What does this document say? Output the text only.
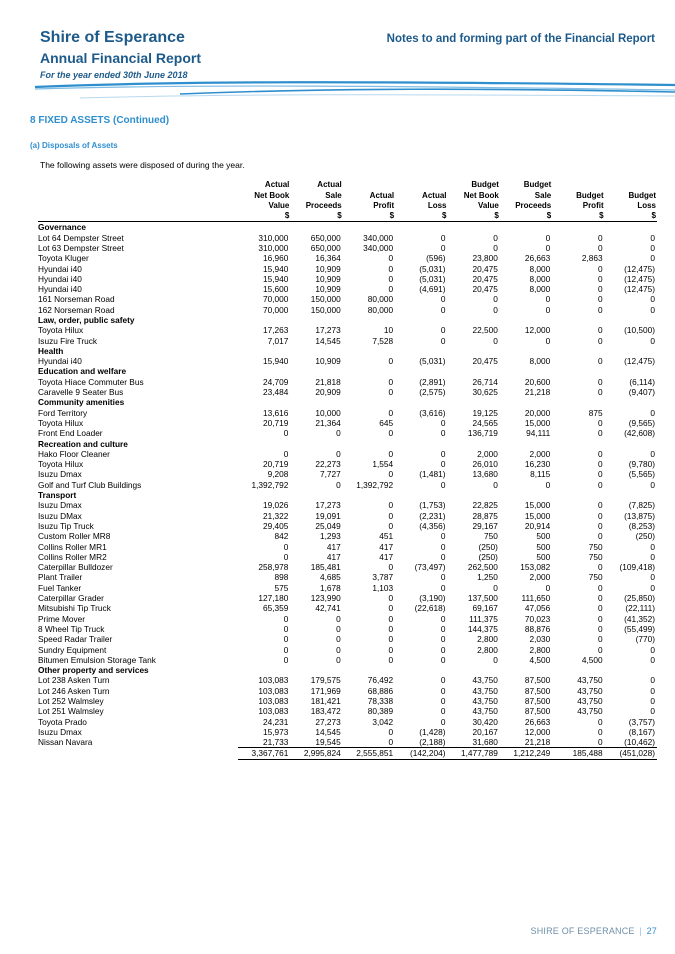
Shire of Esperance
Annual Financial Report
For the year ended 30th June 2018
Notes to and forming part of the Financial Report
8 FIXED ASSETS (Continued)
(a) Disposals of Assets
The following assets were disposed of during the year.
	Actual	Actual			Budget	Budget		
	Net Book	Sale	Actual	Actual	Net Book	Sale	Budget	Budget
	Value	Proceeds	Profit	Loss	Value	Proceeds	Profit	Loss
	$	$	$	$	$	$	$	$
Governance								
Lot 64 Dempster Street	310,000	650,000	340,000	0	0	0	0	0
Lot 63 Dempster Street	310,000	650,000	340,000	0	0	0	0	0
Toyota Kluger	16,960	16,364	0	(596)	23,800	26,663	2,863	0
Hyundai i40	15,940	10,909	0	(5,031)	20,475	8,000	0	(12,475)
Hyundai i40	15,940	10,909	0	(5,031)	20,475	8,000	0	(12,475)
Hyundai i40	15,600	10,909	0	(4,691)	20,475	8,000	0	(12,475)
161 Norseman Road	70,000	150,000	80,000	0	0	0	0	0
162 Norseman Road	70,000	150,000	80,000	0	0	0	0	0
Law, order, public safety								
Toyota Hilux	17,263	17,273	10	0	22,500	12,000	0	(10,500)
Isuzu Fire Truck	7,017	14,545	7,528	0	0	0	0	0
Health								
Hyundai i40	15,940	10,909	0	(5,031)	20,475	8,000	0	(12,475)
Education and welfare								
Toyota Hiace Commuter Bus	24,709	21,818	0	(2,891)	26,714	20,600	0	(6,114)
Caravelle 9 Seater Bus	23,484	20,909	0	(2,575)	30,625	21,218	0	(9,407)
Community amenities								
Ford Territory	13,616	10,000	0	(3,616)	19,125	20,000	875	0
Toyota Hilux	20,719	21,364	645	0	24,565	15,000	0	(9,565)
Front End Loader	0	0	0	0	136,719	94,111	0	(42,608)
Recreation and culture								
Hako Floor Cleaner	0	0	0	0	2,000	2,000	0	0
Toyota Hilux	20,719	22,273	1,554	0	26,010	16,230	0	(9,780)
Isuzu Dmax	9,208	7,727	0	(1,481)	13,680	8,115	0	(5,565)
Golf and Turf Club Buildings	1,392,792	0	1,392,792	0	0	0	0	0
Transport								
Isuzu Dmax	19,026	17,273	0	(1,753)	22,825	15,000	0	(7,825)
Isuzu DMax	21,322	19,091	0	(2,231)	28,875	15,000	0	(13,875)
Isuzu Tip Truck	29,405	25,049	0	(4,356)	29,167	20,914	0	(8,253)
Custom Roller MR8	842	1,293	451	0	750	500	0	(250)
Collins Roller MR1	0	417	417	0	(250)	500	750	0
Collins Roller MR2	0	417	417	0	(250)	500	750	0
Caterpillar Bulldozer	258,978	185,481	0	(73,497)	262,500	153,082	0	(109,418)
Plant Trailer	898	4,685	3,787	0	1,250	2,000	750	0
Fuel Tanker	575	1,678	1,103	0	0	0	0	0
Caterpillar Grader	127,180	123,990	0	(3,190)	137,500	111,650	0	(25,850)
Mitsubishi Tip Truck	65,359	42,741	0	(22,618)	69,167	47,056	0	(22,111)
Prime Mover	0	0	0	0	111,375	70,023	0	(41,352)
8 Wheel Tip Truck	0	0	0	0	144,375	88,876	0	(55,499)
Speed Radar Trailer	0	0	0	0	2,800	2,030	0	(770)
Sundry Equipment	0	0	0	0	2,800	2,800	0	0
Bitumen Emulsion Storage Tank	0	0	0	0	0	4,500	4,500	0
Other property and services								
Lot 238 Asken Turn	103,083	179,575	76,492	0	43,750	87,500	43,750	0
Lot 246 Asken Turn	103,083	171,969	68,886	0	43,750	87,500	43,750	0
Lot 252 Walmsley	103,083	181,421	78,338	0	43,750	87,500	43,750	0
Lot 251 Walmsley	103,083	183,472	80,389	0	43,750	87,500	43,750	0
Toyota Prado	24,231	27,273	3,042	0	30,420	26,663	0	(3,757)
Isuzu Dmax	15,973	14,545	0	(1,428)	20,167	12,000	0	(8,167)
Nissan Navara	21,733	19,545	0	(2,188)	31,680	21,218	0	(10,462)
	3,367,761	2,995,824	2,555,851	(142,204)	1,477,789	1,212,249	185,488	(451,028)
SHIRE OF ESPERANCE | 27
